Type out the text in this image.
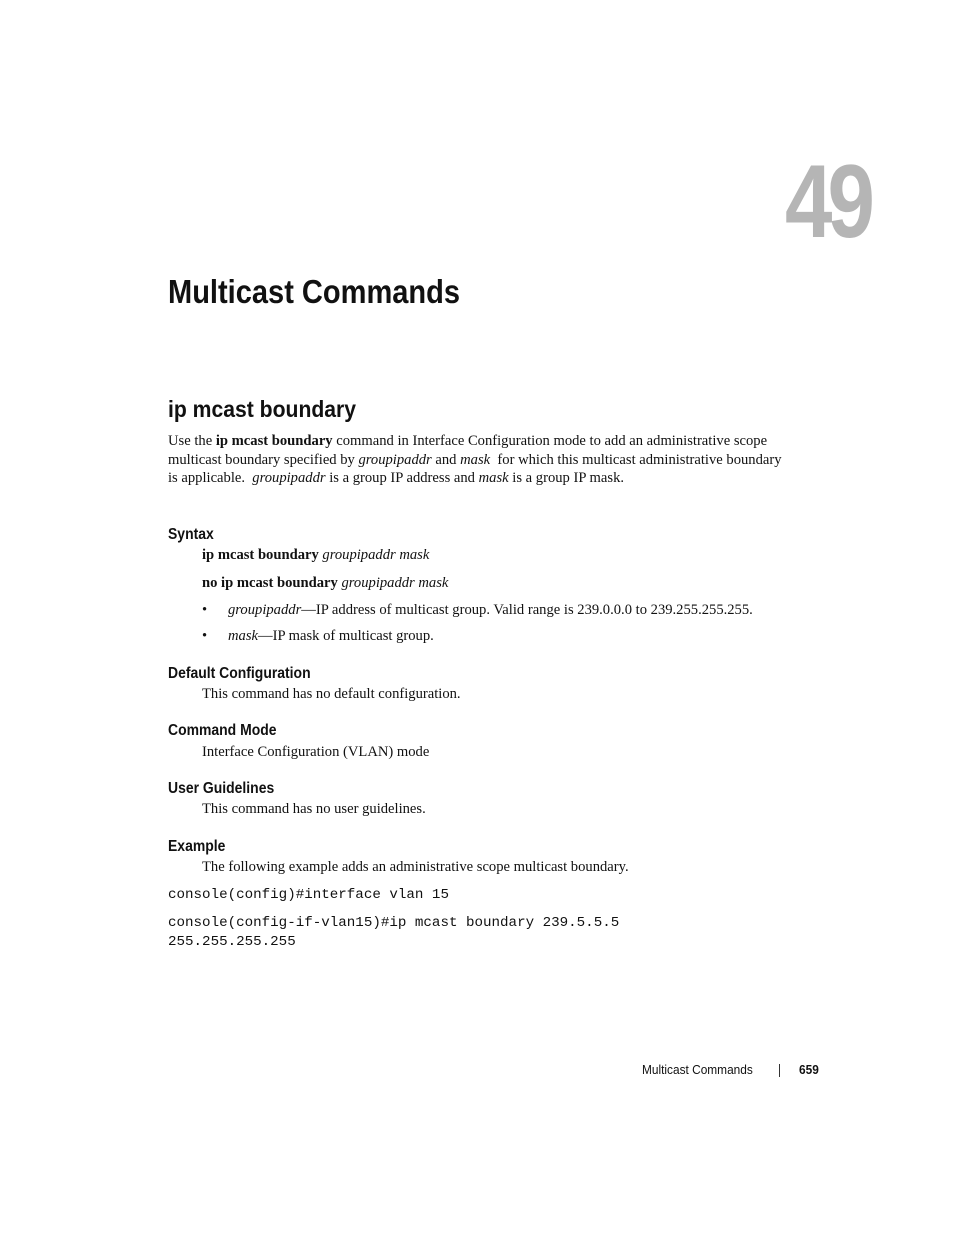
49
Multicast Commands
ip mcast boundary

Use the ip mcast boundary command in Interface Configuration mode to add an administrative scope multicast boundary specified by groupipaddr and mask  for which this multicast administrative boundary is applicable.  groupipaddr is a group IP address and mask is a group IP mask.

Syntax

ip mcast boundary groupipaddr mask

no ip mcast boundary groupipaddr mask

• groupipaddr—IP address of multicast group. Valid range is 239.0.0.0 to 239.255.255.255.

• mask—IP mask of multicast group.

Default Configuration

This command has no default configuration.

Command Mode

Interface Configuration (VLAN) mode

User Guidelines

This command has no user guidelines.

Example

The following example adds an administrative scope multicast boundary.

console(config)#interface vlan 15
console(config-if-vlan15)#ip mcast boundary 239.5.5.5
255.255.255.255
Multicast Commands	659
